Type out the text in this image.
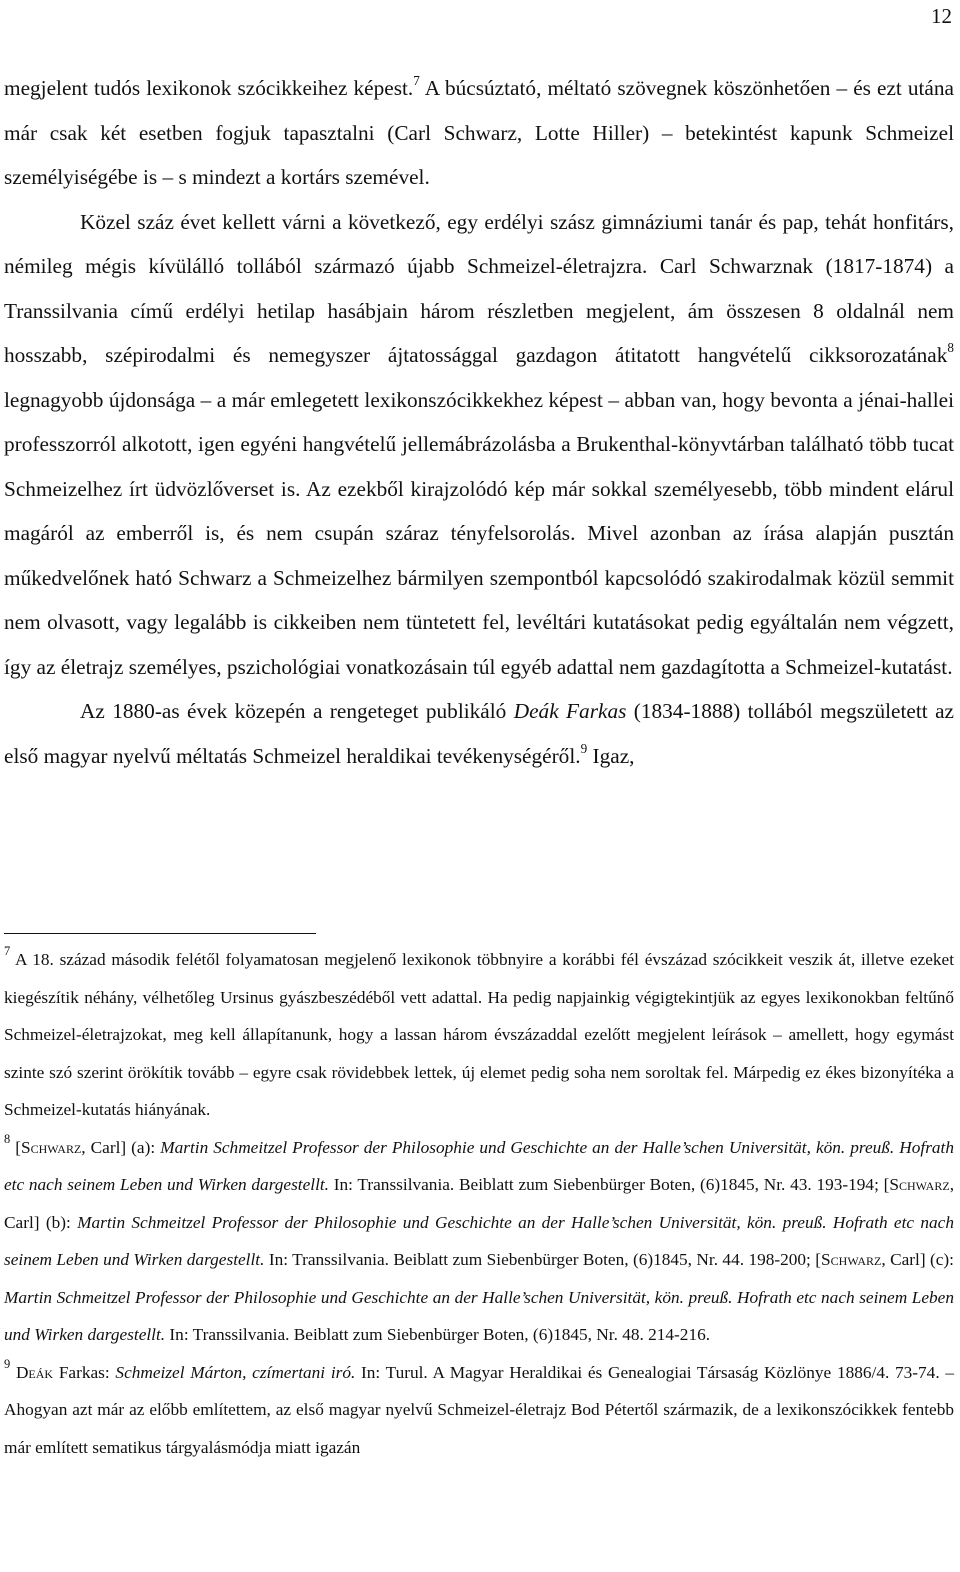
12

megjelent tudós lexikonok szócikkeihez képest.$^7$ A búcsúztató, méltató szövegnek köszönhetően – és ezt utána már csak két esetben fogjuk tapasztalni (Carl Schwarz, Lotte Hiller) – betekintést kapunk Schmeizel személyiségébe is – s mindezt a kortárs szemével.

Közel száz évet kellett várni a következő, egy erdélyi szász gimnáziumi tanár és pap, tehát honfitárs, némileg mégis kívülálló tollából származó újabb Schmeizel-életrajzra. Carl Schwarznak (1817-1874) a Transsilvania című erdélyi hetilap hasábjain három részletben megjelent, ám összesen 8 oldalnál nem hosszabb, szépirodalmi és nemegyszer ájtatossággal gazdagon átitatott hangvételű cikksorozatának$^8$ legnagyobb újdonsága – a már emlegetett lexikonszócikkekhez képest – abban van, hogy bevonta a jénai-hallei professzorról alkotott, igen egyéni hangvételű jellemábrázolásba a Brukenthal-könyvtárban található több tucat Schmeizelhez írt üdvözlőverset is. Az ezekből kirajzolódó kép már sokkal személyesebb, több mindent elárul magáról az emberről is, és nem csupán száraz tényfelsorolás. Mivel azonban az írása alapján pusztán műkedvelőnek ható Schwarz a Schmeizelhez bármilyen szempontból kapcsolódó szakirodalmak közül semmit nem olvasott, vagy legalább is cikkeiben nem tüntetett fel, levéltári kutatásokat pedig egyáltalán nem végzett, így az életrajz személyes, pszichológiai vonatkozásain túl egyéb adattal nem gazdagította a Schmeizel-kutatást.

Az 1880-as évek közepén a rengeteget publikáló Deák Farkas (1834-1888) tollából megszületett az első magyar nyelvű méltatás Schmeizel heraldikai tevékenységéről.$^9$ Igaz,

$^7$ A 18. század második felétől folyamatosan megjelenő lexikonok többnyire a korábbi fél évszázad szócikkeit veszik át, illetve ezeket kiegészítik néhány, vélhetőleg Ursinus gyászbeszédéből vett adattal. Ha pedig napjainkig végigtekintjük az egyes lexikonokban feltűnő Schmeizel-életrajzokat, meg kell állapítanunk, hogy a lassan három évszázaddal ezelőtt megjelent leírások – amellett, hogy egymást szinte szó szerint örökítik tovább – egyre csak rövidebbek lettek, új elemet pedig soha nem soroltak fel. Márpedig ez ékes bizonyítéka a Schmeizel-kutatás hiányának.

$^8$ [Schwarz, Carl] (a): Martin Schmeitzel Professor der Philosophie und Geschichte an der Halle’schen Universität, kön. preuß. Hofrath etc nach seinem Leben und Wirken dargestellt. In: Transsilvania. Beiblatt zum Siebenbürger Boten, (6)1845, Nr. 43. 193-194; [Schwarz, Carl] (b): Martin Schmeitzel Professor der Philosophie und Geschichte an der Halle’schen Universität, kön. preuß. Hofrath etc nach seinem Leben und Wirken dargestellt. In: Transsilvania. Beiblatt zum Siebenbürger Boten, (6)1845, Nr. 44. 198-200; [Schwarz, Carl] (c): Martin Schmeitzel Professor der Philosophie und Geschichte an der Halle’schen Universität, kön. preuß. Hofrath etc nach seinem Leben und Wirken dargestellt. In: Transsilvania. Beiblatt zum Siebenbürger Boten, (6)1845, Nr. 48. 214-216.

$^9$ Deák Farkas: Schmeizel Márton, czímertani iró. In: Turul. A Magyar Heraldikai és Genealogiai Társaság Közlönye 1886/4. 73-74. – Ahogyan azt már az előbb említettem, az első magyar nyelvű Schmeizel-életrajz Bod Pétertől származik, de a lexikonszócikkek fentebb már említett sematikus tárgyalásmódja miatt igazán
